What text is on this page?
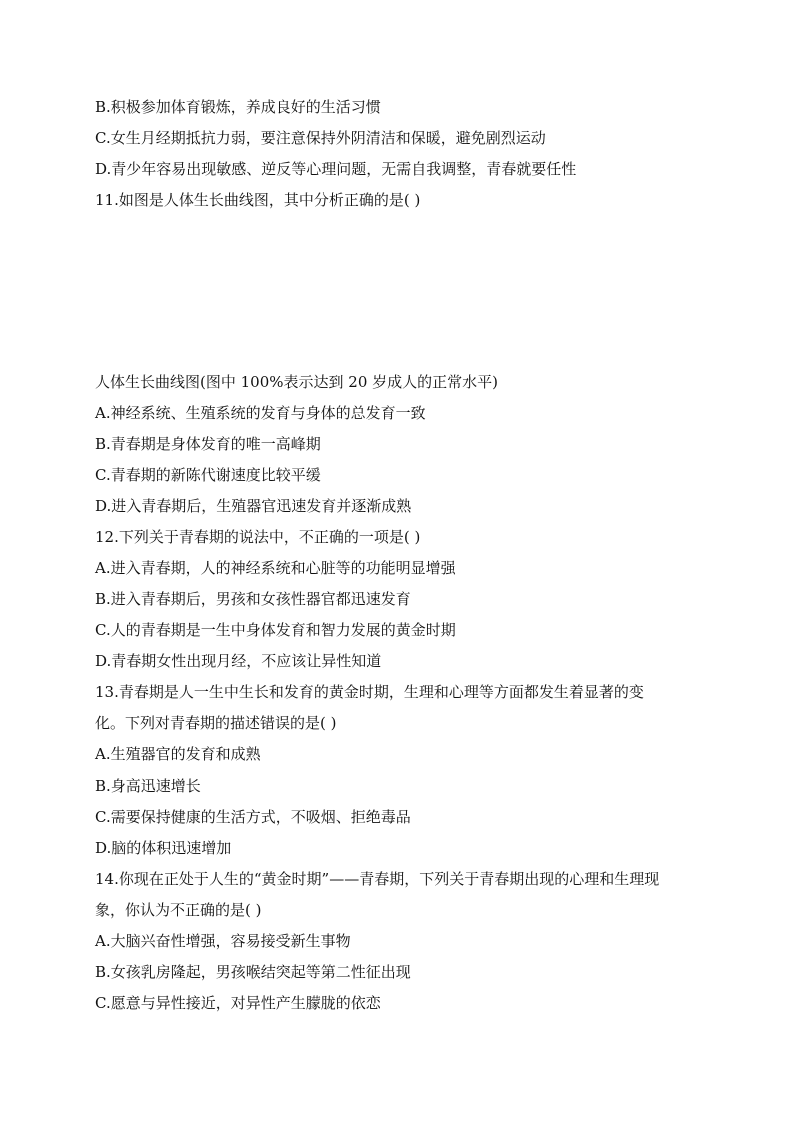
B.积极参加体育锻炼，养成良好的生活习惯
C.女生月经期抵抗力弱，要注意保持外阴清洁和保暖，避免剧烈运动
D.青少年容易出现敏感、逆反等心理问题，无需自我调整，青春就要任性
11.如图是人体生长曲线图，其中分析正确的是( )
人体生长曲线图(图中 100%表示达到 20 岁成人的正常水平)
A.神经系统、生殖系统的发育与身体的总发育一致
B.青春期是身体发育的唯一高峰期
C.青春期的新陈代谢速度比较平缓
D.进入青春期后，生殖器官迅速发育并逐渐成熟
12.下列关于青春期的说法中，不正确的一项是( )
A.进入青春期，人的神经系统和心脏等的功能明显增强
B.进入青春期后，男孩和女孩性器官都迅速发育
C.人的青春期是一生中身体发育和智力发展的黄金时期
D.青春期女性出现月经，不应该让异性知道
13.青春期是人一生中生长和发育的黄金时期，生理和心理等方面都发生着显著的变
化。下列对青春期的描述错误的是( )
A.生殖器官的发育和成熟
B.身高迅速增长
C.需要保持健康的生活方式，不吸烟、拒绝毒品
D.脑的体积迅速增加
14.你现在正处于人生的“黄金时期”——青春期，下列关于青春期出现的心理和生理现
象，你认为不正确的是( )
A.大脑兴奋性增强，容易接受新生事物
B.女孩乳房隆起，男孩喉结突起等第二性征出现
C.愿意与异性接近，对异性产生朦胧的依恋
